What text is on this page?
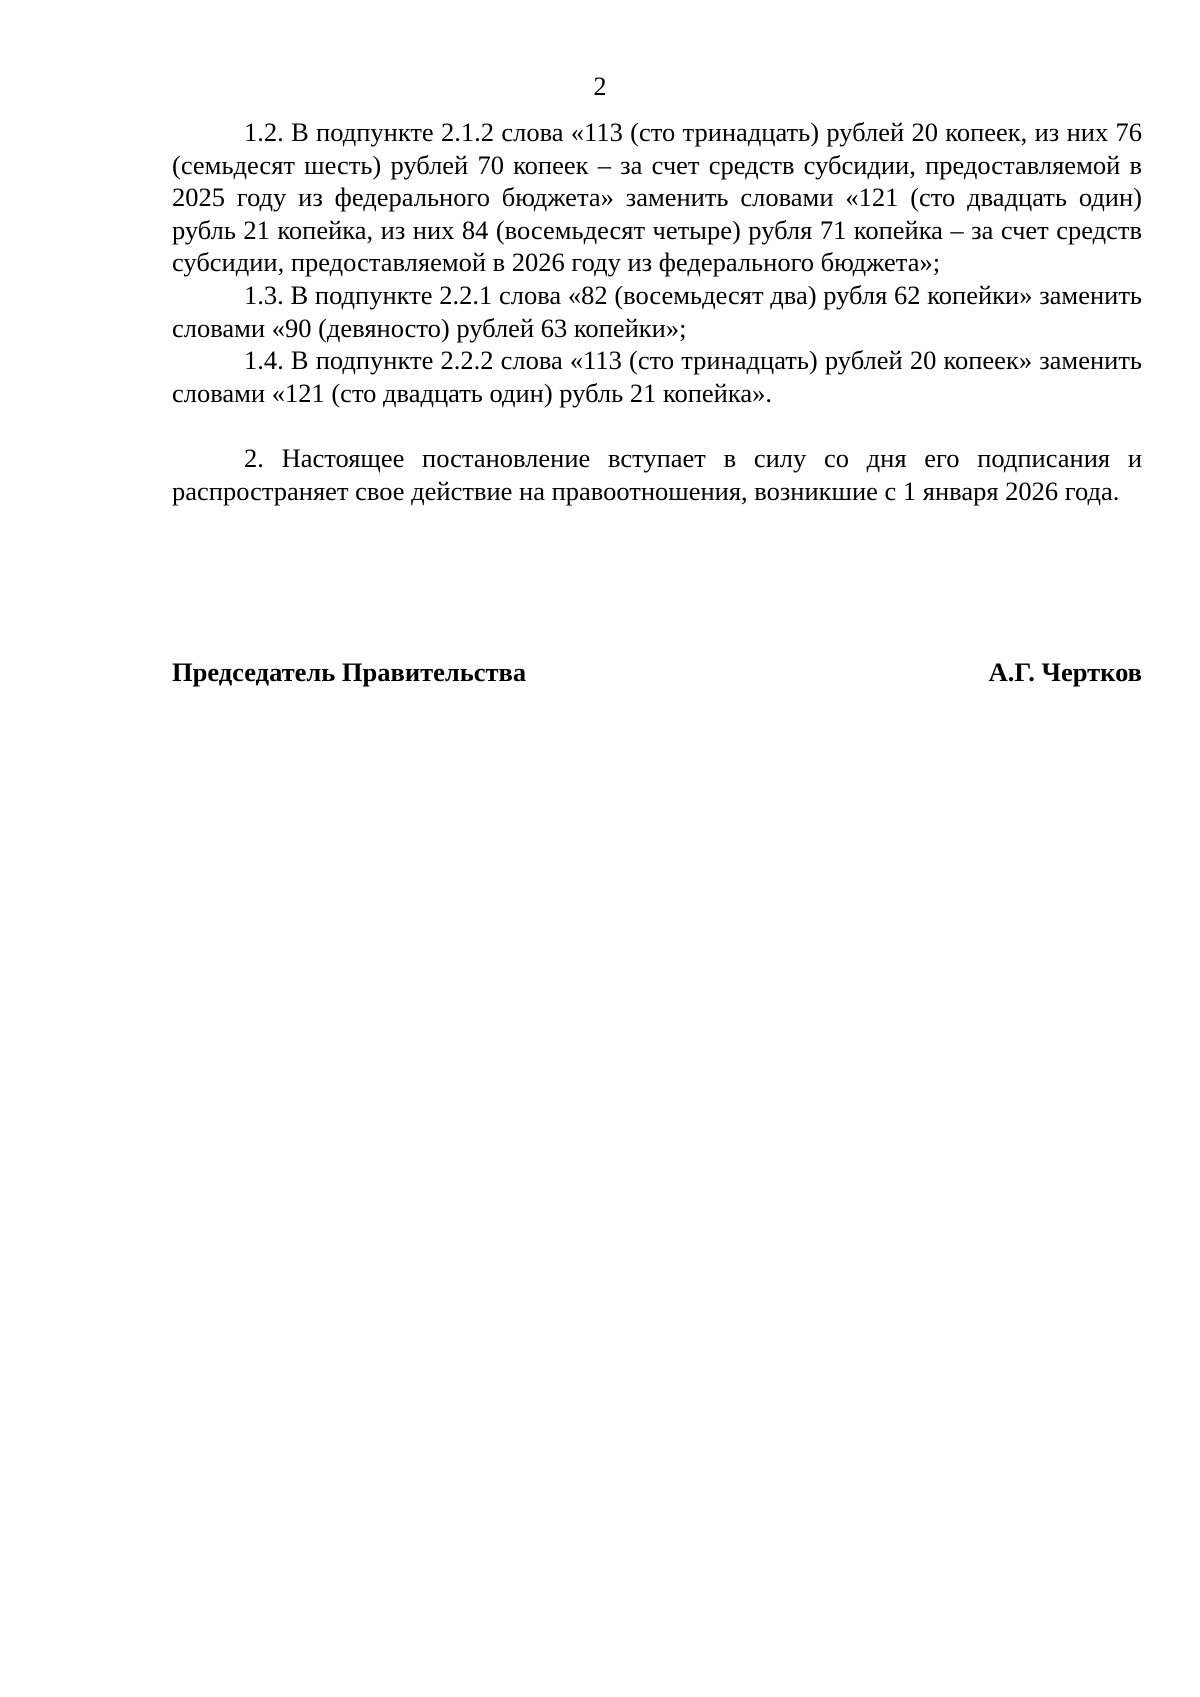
2

1.2. В подпункте 2.1.2 слова «113 (сто тринадцать) рублей 20 копеек, из них 76 (семьдесят шесть) рублей 70 копеек – за счет средств субсидии, предоставляемой в 2025 году из федерального бюджета» заменить словами «121 (сто двадцать один) рубль 21 копейка, из них 84 (восемьдесят четыре) рубля 71 копейка – за счет средств субсидии, предоставляемой в 2026 году из федерального бюджета»;

1.3. В подпункте 2.2.1 слова «82 (восемьдесят два) рубля 62 копейки» заменить словами «90 (девяносто) рублей 63 копейки»;

1.4. В подпункте 2.2.2 слова «113 (сто тринадцать) рублей 20 копеек» заменить словами «121 (сто двадцать один) рубль 21 копейка».

2. Настоящее постановление вступает в силу со дня его подписания и распространяет свое действие на правоотношения, возникшие с 1 января 2026 года.

Председатель Правительства	А.Г. Чертков
